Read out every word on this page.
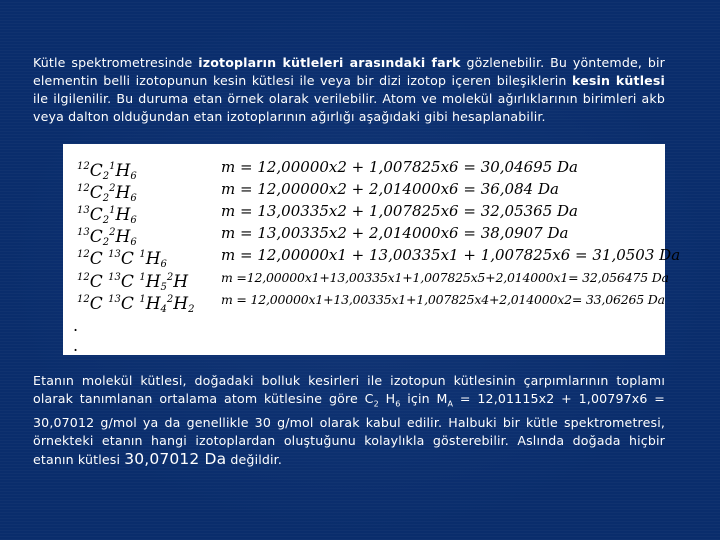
Kütle spektrometresinde izotopların kütleleri arasındaki fark gözlenebilir. Bu yöntemde, bir elementin belli izotopunun kesin kütlesi ile veya bir dizi izotop içeren bileşiklerin kesin kütlesi ile ilgilenilir. Bu duruma etan örnek olarak verilebilir. Atom ve molekül ağırlıklarının birimleri akb veya dalton olduğundan etan izotoplarının ağırlığı aşağıdaki gibi hesaplanabilir.
.
.
$^{12}C_2^1H_6$
m = 12,00000x2 + 1,007825x6 = 30,04695 Da
$^{12}C_2^2H_6$
m = 12,00000x2 + 2,014000x6 = 36,084 Da
$^{13}C_2^1H_6$
m = 13,00335x2 + 1,007825x6 = 32,05365 Da
$^{13}C_2^2H_6$
m = 13,00335x2 + 2,014000x6 = 38,0907 Da
$^{12}$C $^{13}$C $^1H_6$
m = 12,00000x1 + 13,00335x1 + 1,007825x6 = 31,0503 Da
$^{12}$C $^{13}$C $^1H_5^2H$	m =12,00000x1+13,00335x1+1,007825x5+2,014000x1= 32,056475 Da
$^{12}$C $^{13}$C $^1H_4^2H_2$
m = 12,00000x1+13,00335x1+1,007825x4+2,014000x2= 33,06265 Da
Etanın molekül kütlesi, doğadaki bolluk kesirleri ile izotopun kütlesinin çarpımlarının toplamı olarak tanımlanan ortalama atom kütlesine göre $C_2$ $H_6$ için $M_A = 12,01115x2 + 1,00797x6 = 30,07012$ g/mol ya da genellikle 30 g/mol olarak kabul edilir. Halbuki bir kütle spektrometresi, örnekteki etanın hangi izotoplardan oluştuğunu kolaylıkla gösterebilir. Aslında doğada hiçbir etanın kütlesi 30,07012 Da değildir.
